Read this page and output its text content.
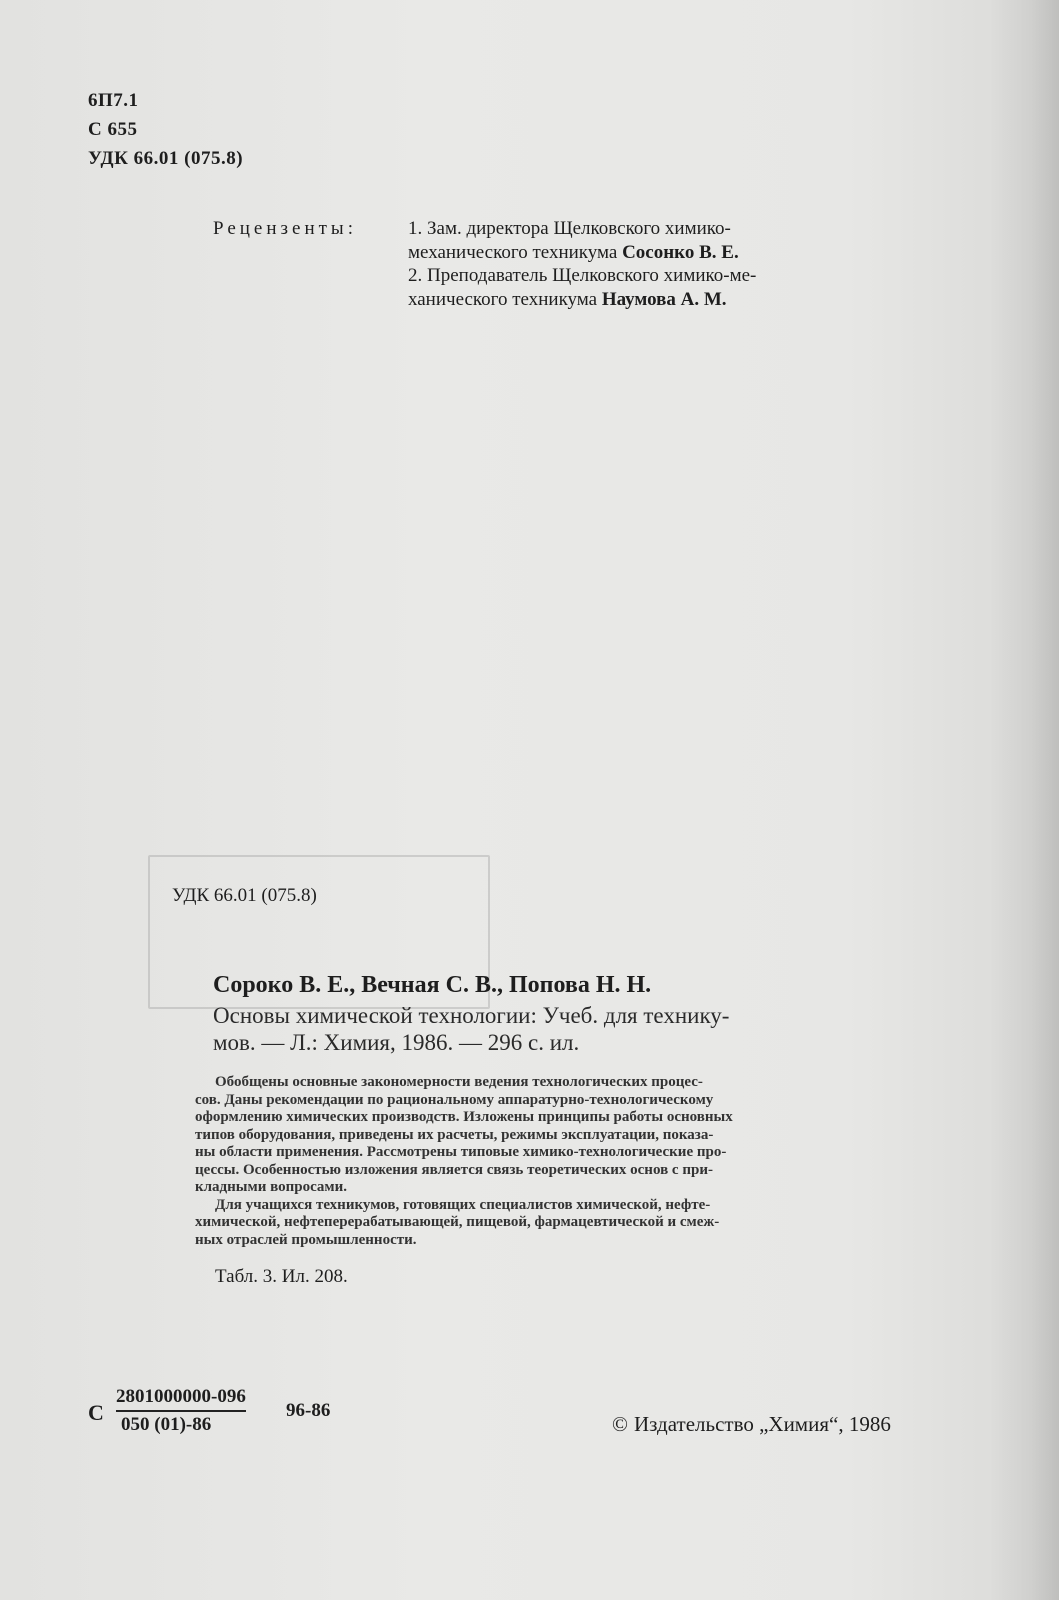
6П7.1
С 655
УДК 66.01 (075.8)
Рецензенты:	1. Зам. директора Щелковского химико-
механического техникума Сосонко В. Е.
2. Преподаватель Щелковского химико-ме-
ханического техникума Наумова А. М.
УДК 66.01 (075.8)
Сороко В. Е., Вечная С. В., Попова Н. Н.
Основы химической технологии: Учеб. для технику-
мов. — Л.: Химия, 1986. — 296 с. ил.
Обобщены основные закономерности ведения технологических процес-
сов. Даны рекомендации по рациональному аппаратурно-технологическому
оформлению химических производств. Изложены принципы работы основных
типов оборудования, приведены их расчеты, режимы эксплуатации, показа-
ны области применения. Рассмотрены типовые химико-технологические про-
цессы. Особенностью изложения является связь теоретических основ с при-
кладными вопросами.
Для учащихся техникумов, готовящих специалистов химической, нефте-
химической, нефтеперерабатывающей, пищевой, фармацевтической и смеж-
ных отраслей промышленности.
Табл. 3. Ил. 208.
С $\frac{2801000000-096}{050 (01)-86} 96-86$
© Издательство „Химия“, 1986
